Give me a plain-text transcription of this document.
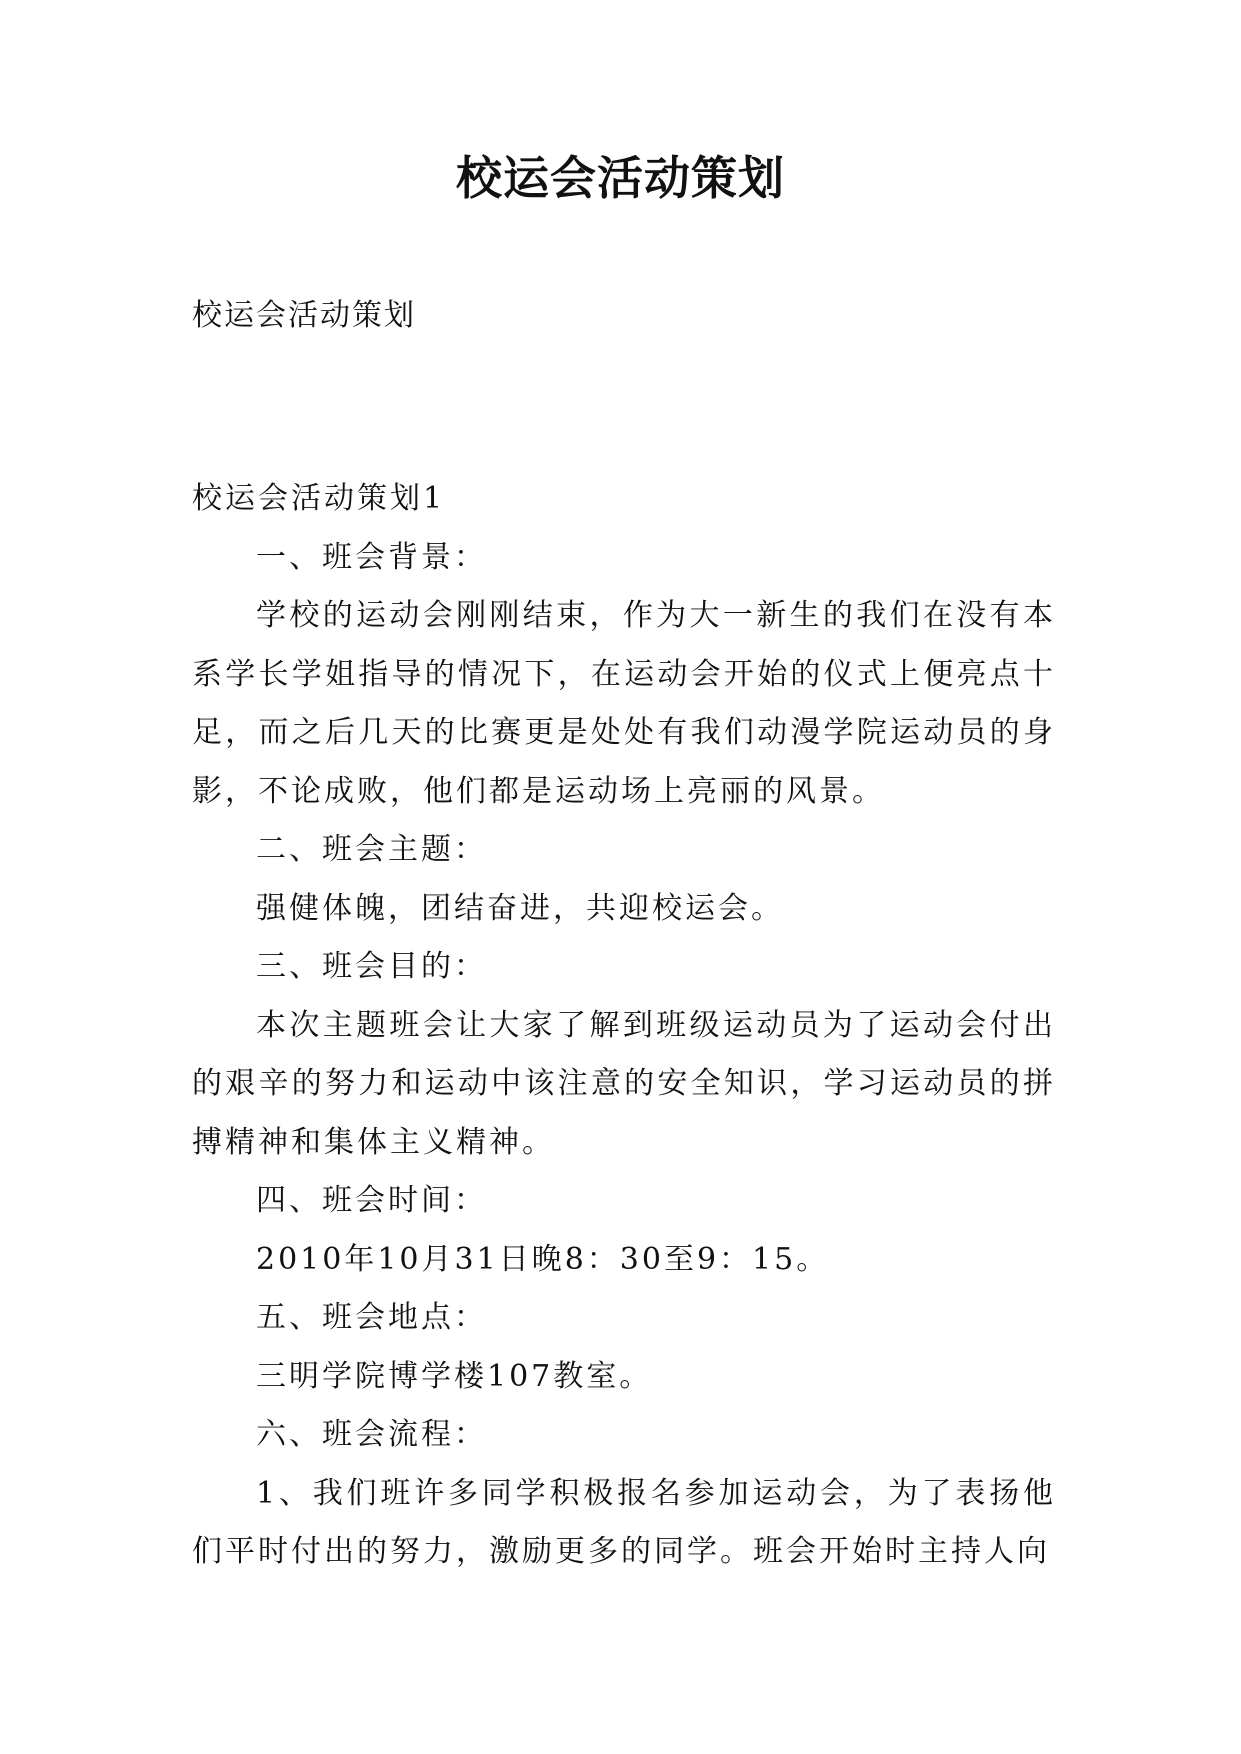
校运会活动策划
校运会活动策划

校运会活动策划1

一、班会背景：

学校的运动会刚刚结束，作为大一新生的我们在没有本系学长学姐指导的情况下，在运动会开始的仪式上便亮点十足，而之后几天的比赛更是处处有我们动漫学院运动员的身影，不论成败，他们都是运动场上亮丽的风景。

二、班会主题：

强健体魄，团结奋进，共迎校运会。

三、班会目的：

本次主题班会让大家了解到班级运动员为了运动会付出的艰辛的努力和运动中该注意的安全知识，学习运动员的拼搏精神和集体主义精神。

四、班会时间：

2010年10月31日晚8：30至9：15。

五、班会地点：

三明学院博学楼107教室。

六、班会流程：

1、我们班许多同学积极报名参加运动会，为了表扬他们平时付出的努力，激励更多的同学。班会开始时主持人向
